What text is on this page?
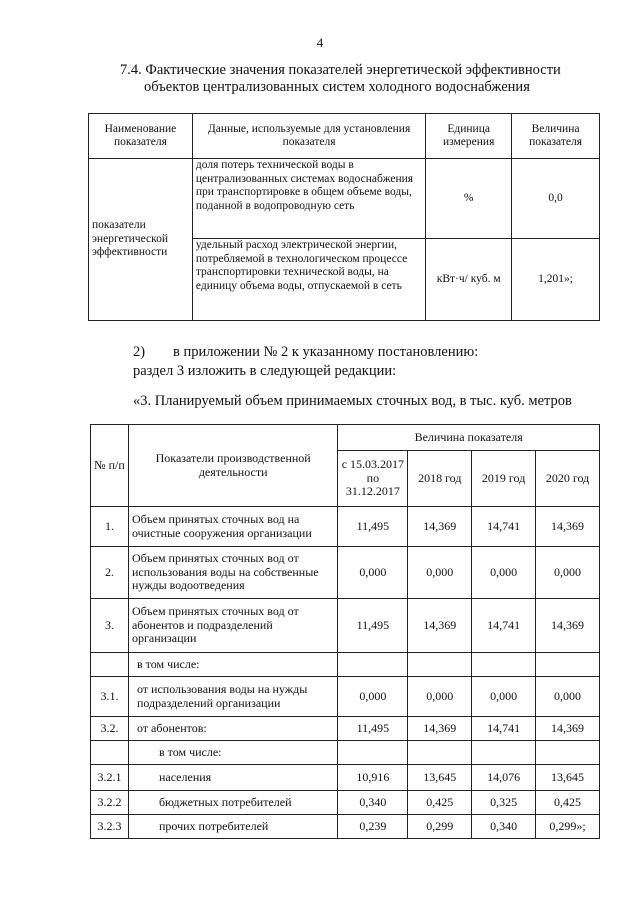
4
7.4. Фактические значения показателей энергетической эффективности
объектов централизованных систем холодного водоснабжения
Наименование показателя	Данные, используемые для установления показателя	Единица измерения	Величина показателя
показатели энергетической эффективности	доля потерь технической воды в централизованных системах водоснабжения при транспортировке в общем объеме воды, поданной в водопроводную сеть	%	0,0
	удельный расход электрической энергии, потребляемой в технологическом процессе транспортировки технической воды, на единицу объема воды, отпускаемой в сеть	кВт·ч/ куб. м	1,201»;
2) в приложении № 2 к указанному постановлению:
раздел 3 изложить в следующей редакции:
«3. Планируемый объем принимаемых сточных вод, в тыс. куб. метров
№ п/п	Показатели производственной деятельности	Величина показателя			
		с 15.03.2017 по 31.12.2017	2018 год	2019 год	2020 год
1.	Объем принятых сточных вод на очистные сооружения организации	11,495	14,369	14,741	14,369
2.	Объем принятых сточных вод от использования воды на собственные нужды водоотведения	0,000	0,000	0,000	0,000
3.	Объем принятых сточных вод от абонентов и подразделений организации	11,495	14,369	14,741	14,369
	в том числе:				
3.1.	от использования воды на нужды подразделений организации	0,000	0,000	0,000	0,000
3.2.	от абонентов:	11,495	14,369	14,741	14,369
	в том числе:				
3.2.1	населения	10,916	13,645	14,076	13,645
3.2.2	бюджетных потребителей	0,340	0,425	0,325	0,425
3.2.3	прочих потребителей	0,239	0,299	0,340	0,299»;
